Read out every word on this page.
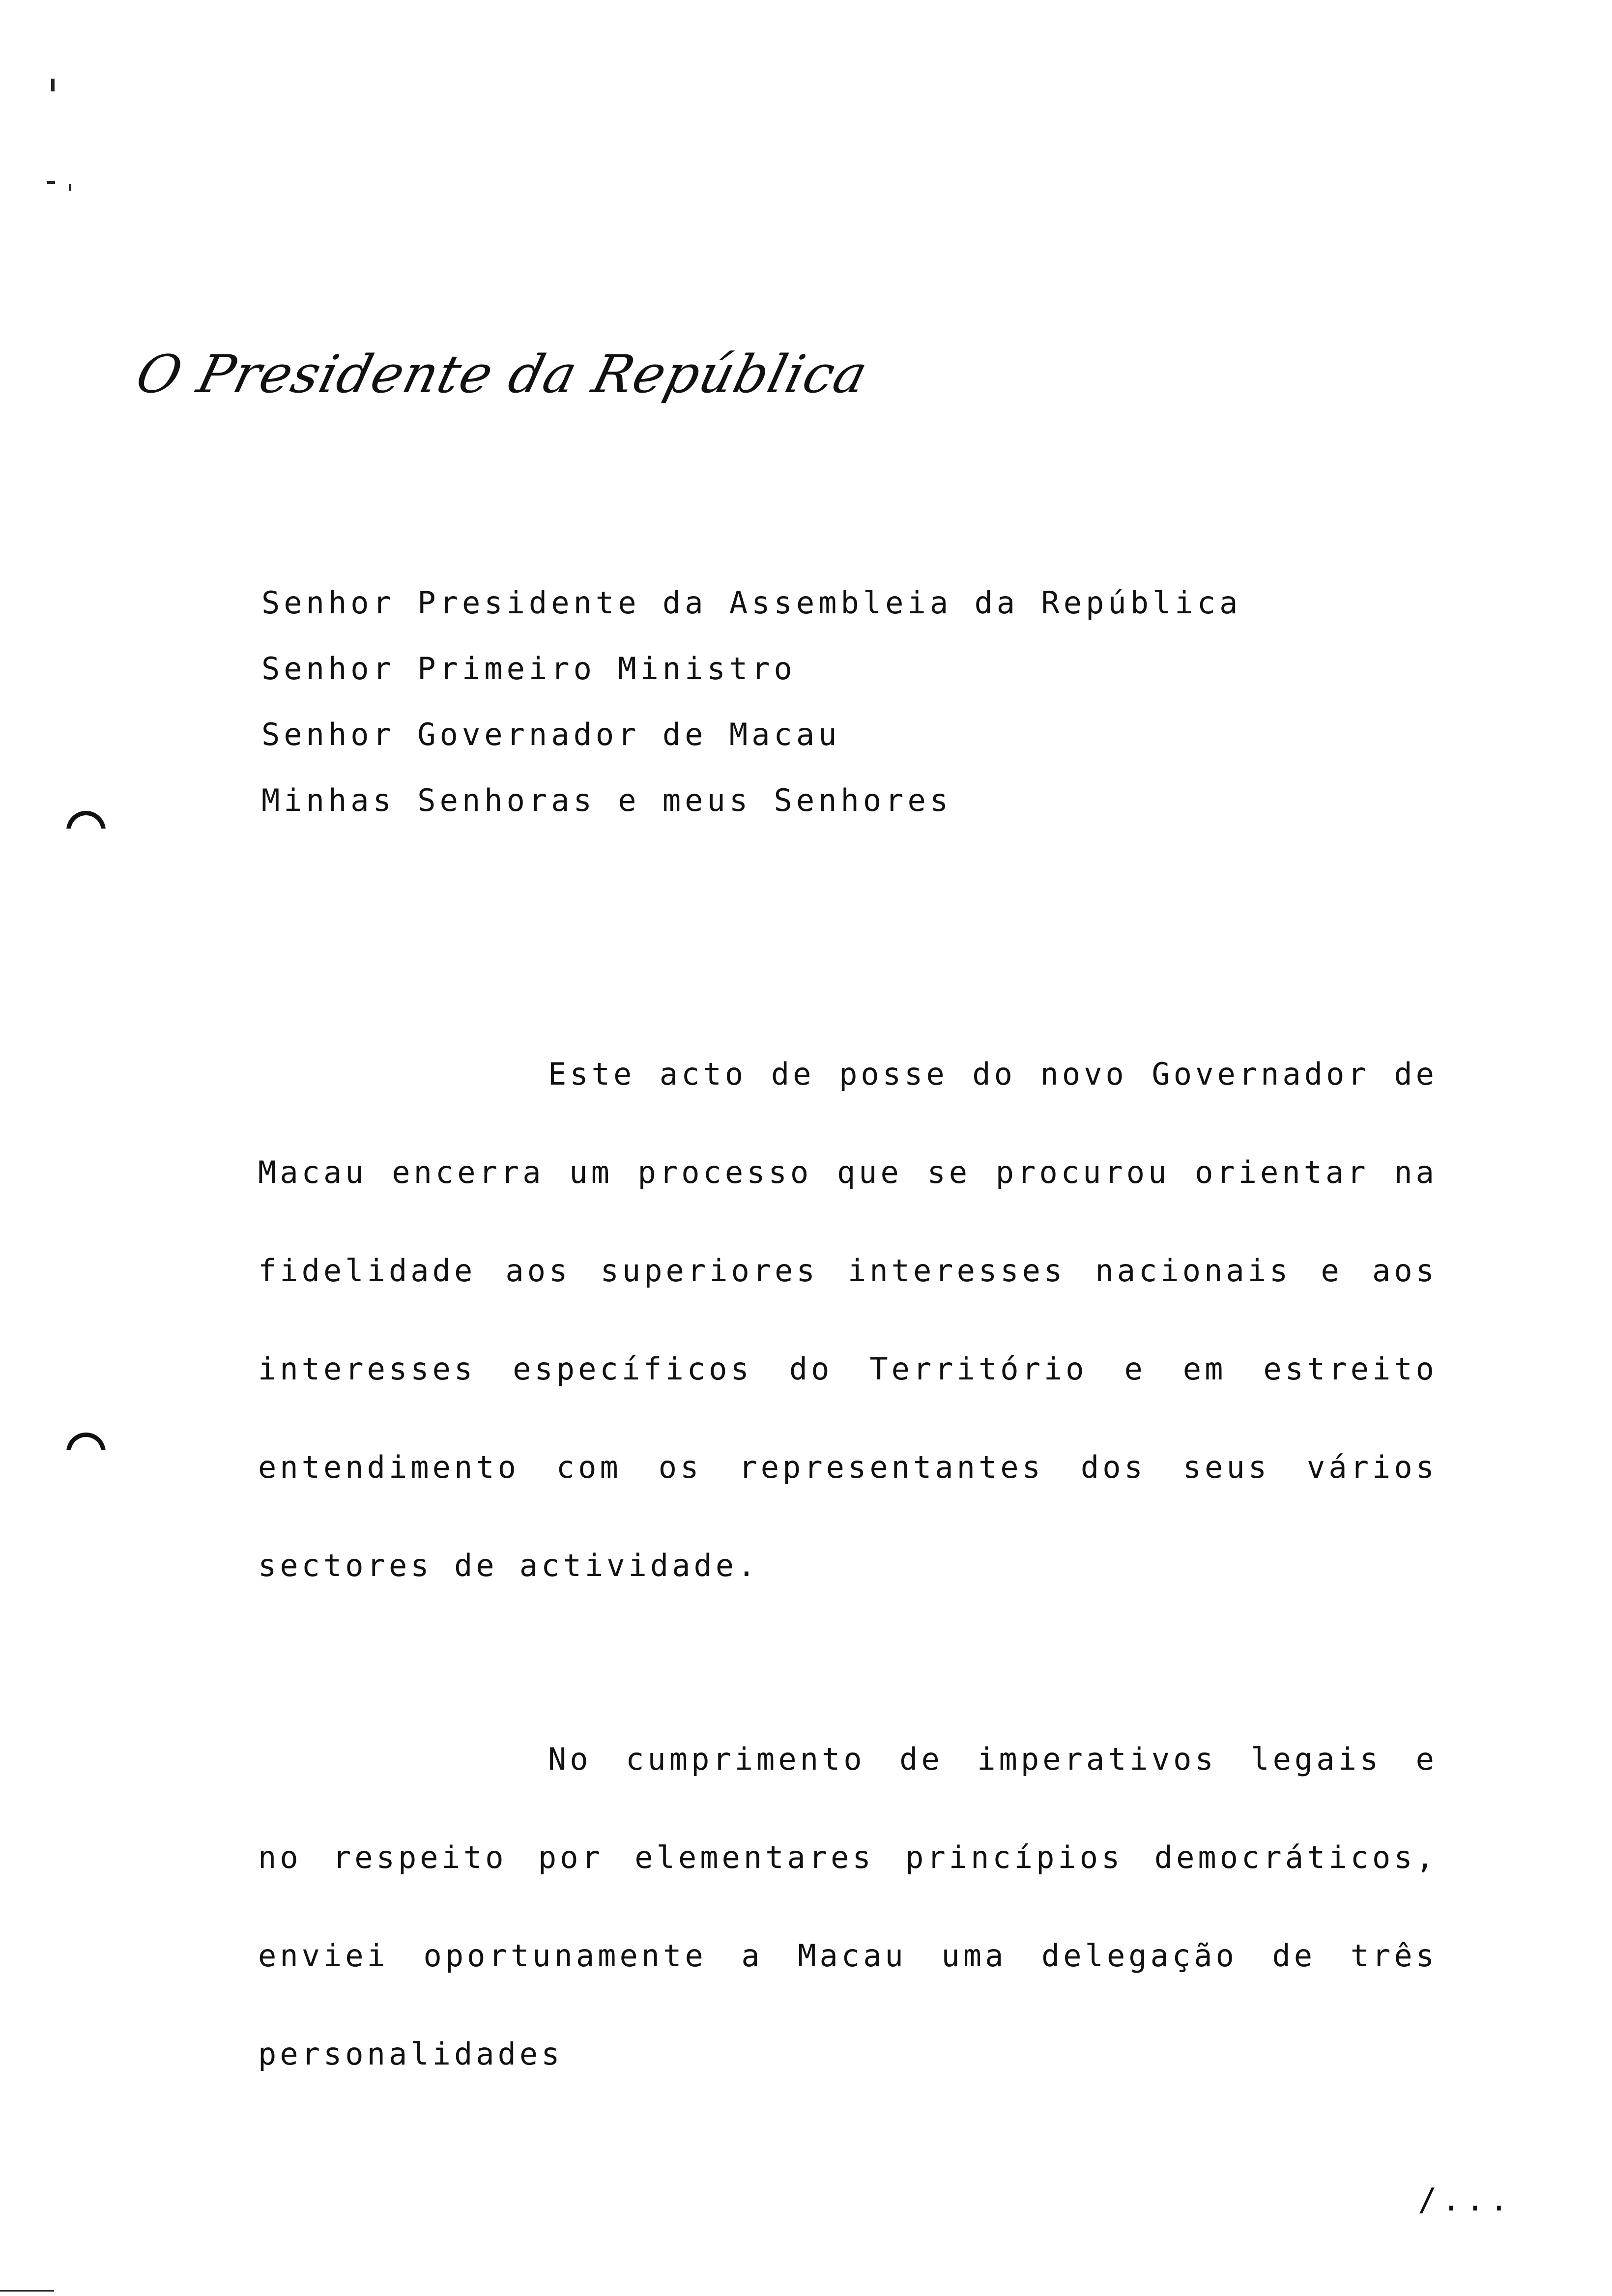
O Presidente da República
Senhor Presidente da Assembleia da República
Senhor Primeiro Ministro
Senhor Governador de Macau
Minhas Senhoras e meus Senhores
Este acto de posse do novo Governador de Macau encerra um processo que se procurou orientar na fidelidade aos superiores interesses nacionais e aos interesses específicos do Território e em estreito entendimento com os representantes dos seus vários sectores de actividade.
No cumprimento de imperativos legais e no respeito por elementares princípios democráticos, enviei oportunamente a Macau uma delegação de três personalidades
/...
